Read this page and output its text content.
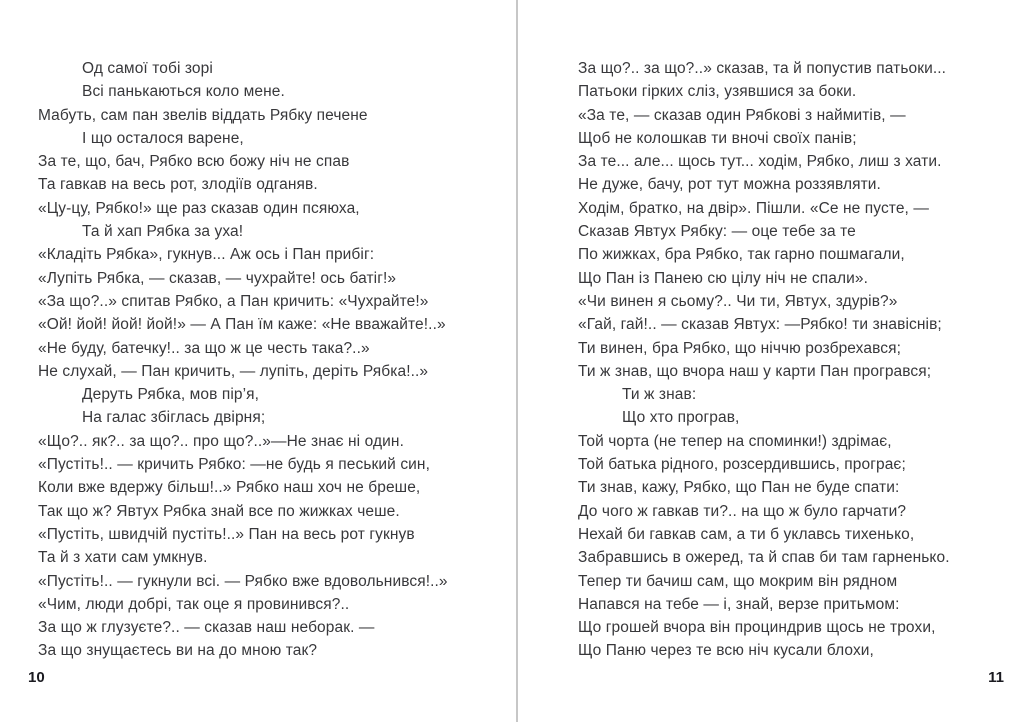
Од самої тобі зорі
Всі панькаються коло мене.
Мабуть, сам пан звелів віддать Рябку печене
І що осталося варене,
За те, що, бач, Рябко всю божу ніч не спав
Та гавкав на весь рот, злодіїв одганяв.
«Цу-цу, Рябко!» ще раз сказав один псяюха,
Та й хап Рябка за уха!
«Кладіть Рябка», гукнув... Аж ось і Пан прибіг:
«Лупіть Рябка, — сказав, — чухрайте! ось батіг!»
«За що?..» спитав Рябко, а Пан кричить: «Чухрайте!»
«Ой! йой! йой! йой!» — А Пан їм каже: «Не вважайте!..»
«Не буду, батечку!.. за що ж це честь така?..»
Не слухай, — Пан кричить, — лупіть, деріть Рябка!..»
Деруть Рябка, мов пір’я,
На галас збіглась двірня;
«Що?.. як?.. за що?.. про що?..»—Не знає ні один.
«Пустіть!.. — кричить Рябко: —не будь я песький син,
Коли вже вдержу більш!..» Рябко наш хоч не бреше,
Так що ж? Явтух Рябка знай все по жижках чеше.
«Пустіть, швидчій пустіть!..» Пан на весь рот гукнув
Та й з хати сам умкнув.
«Пустіть!.. — гукнули всі. — Рябко вже вдовольнився!..»
«Чим, люди добрі, так оце я провинився?..
За що ж глузуєте?.. — сказав наш неборак. —
За що знущаєтесь ви на до мною так?
10
За що?.. за що?..» сказав, та й попустив патьоки...
Патьоки гірких сліз, узявшися за боки.
«За те, — сказав один Рябкові з наймитів, —
Щоб не колошкав ти вночі своїх панів;
За те... але... щось тут... ходім, Рябко, лиш з хати.
Не дуже, бачу, рот тут можна роззявляти.
Ходім, братко, на двір». Пішли. «Се не пусте, —
Сказав Явтух Рябку: — оце тебе за те
По жижках, бра Рябко, так гарно пошмагали,
Що Пан із Панею сю цілу ніч не спали».
«Чи винен я сьому?.. Чи ти, Явтух, здурів?»
«Гай, гай!.. — сказав Явтух: —Рябко! ти знавіснів;
Ти винен, бра Рябко, що ніччю розбрехався;
Ти ж знав, що вчора наш у карти Пан програвся;
Ти ж знав:
Що хто програв,
Той чорта (не тепер на споминки!) здрімає,
Той батька рідного, розсердившись, програє;
Ти знав, кажу, Рябко, що Пан не буде спати:
До чого ж гавкав ти?.. на що ж було гарчати?
Нехай би гавкав сам, а ти б уклавсь тихенько,
Забравшись в ожеред, та й спав би там гарненько.
Тепер ти бачиш сам, що мокрим він рядном
Напався на тебе — і, знай, верзе притьмом:
Що грошей вчора він проциндрив щось не трохи,
Що Паню через те всю ніч кусали блохи,
11
